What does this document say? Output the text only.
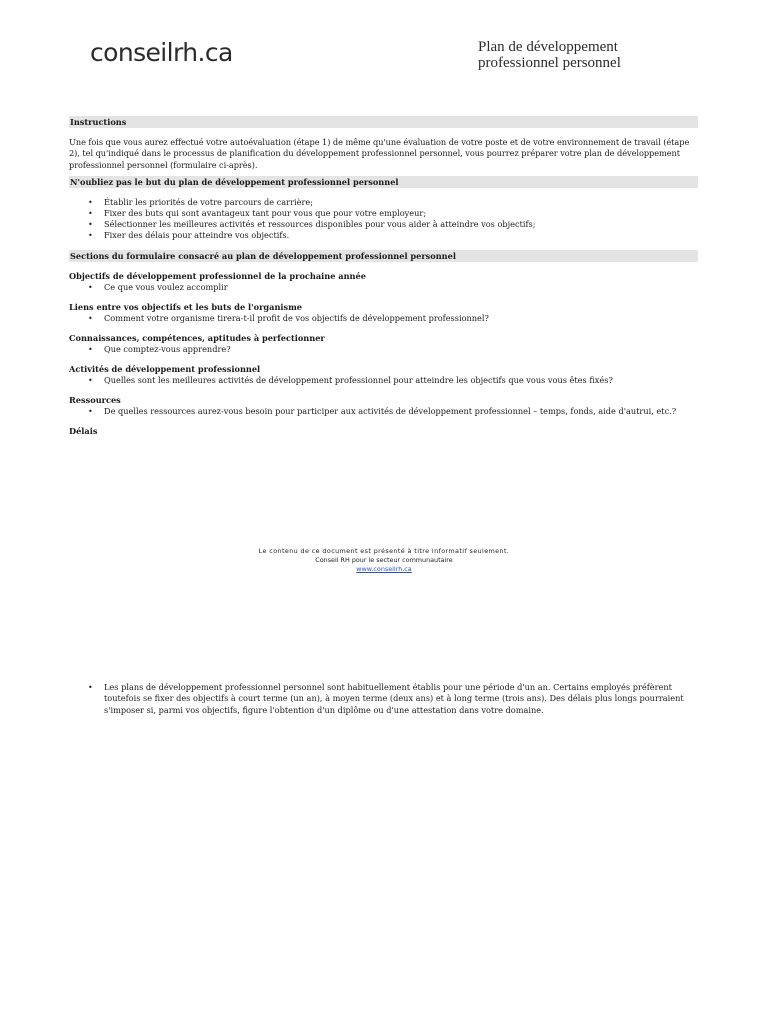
conseilrh.ca	Plan de développement
professionnel personnel
Instructions

Une fois que vous aurez effectué votre autoévaluation (étape 1) de même qu'une évaluation de votre poste et de votre environnement de travail (étape 2), tel qu'indiqué dans le processus de planification du développement professionnel personnel, vous pourrez préparer votre plan de développement professionnel personnel (formulaire ci-après).

N'oubliez pas le but du plan de développement professionnel personnel
• Établir les priorités de votre parcours de carrière;
• Fixer des buts qui sont avantageux tant pour vous que pour votre employeur;
• Sélectionner les meilleures activités et ressources disponibles pour vous aider à atteindre vos objectifs;
• Fixer des délais pour atteindre vos objectifs.
Sections du formulaire consacré au plan de développement professionnel personnel
Objectifs de développement professionnel de la prochaine année
• Ce que vous voulez accomplir
Liens entre vos objectifs et les buts de l'organisme
• Comment votre organisme tirera-t-il profit de vos objectifs de développement professionnel?
Connaissances, compétences, aptitudes à perfectionner
• Que comptez-vous apprendre?
Activités de développement professionnel
• Quelles sont les meilleures activités de développement professionnel pour atteindre les objectifs que vous vous êtes fixés?
Ressources
• De quelles ressources aurez-vous besoin pour participer aux activités de développement professionnel – temps, fonds, aide d'autrui, etc.?
Délais
Le contenu de ce document est présenté à titre informatif seulement.
Conseil RH pour le secteur communautaire
www.conseilrh.ca
• Les plans de développement professionnel personnel sont habituellement établis pour une période d'un an. Certains employés préfèrent toutefois se fixer des objectifs à court terme (un an), à moyen terme (deux ans) et à long terme (trois ans). Des délais plus longs pourraient s'imposer si, parmi vos objectifs, figure l'obtention d'un diplôme ou d'une attestation dans votre domaine.
